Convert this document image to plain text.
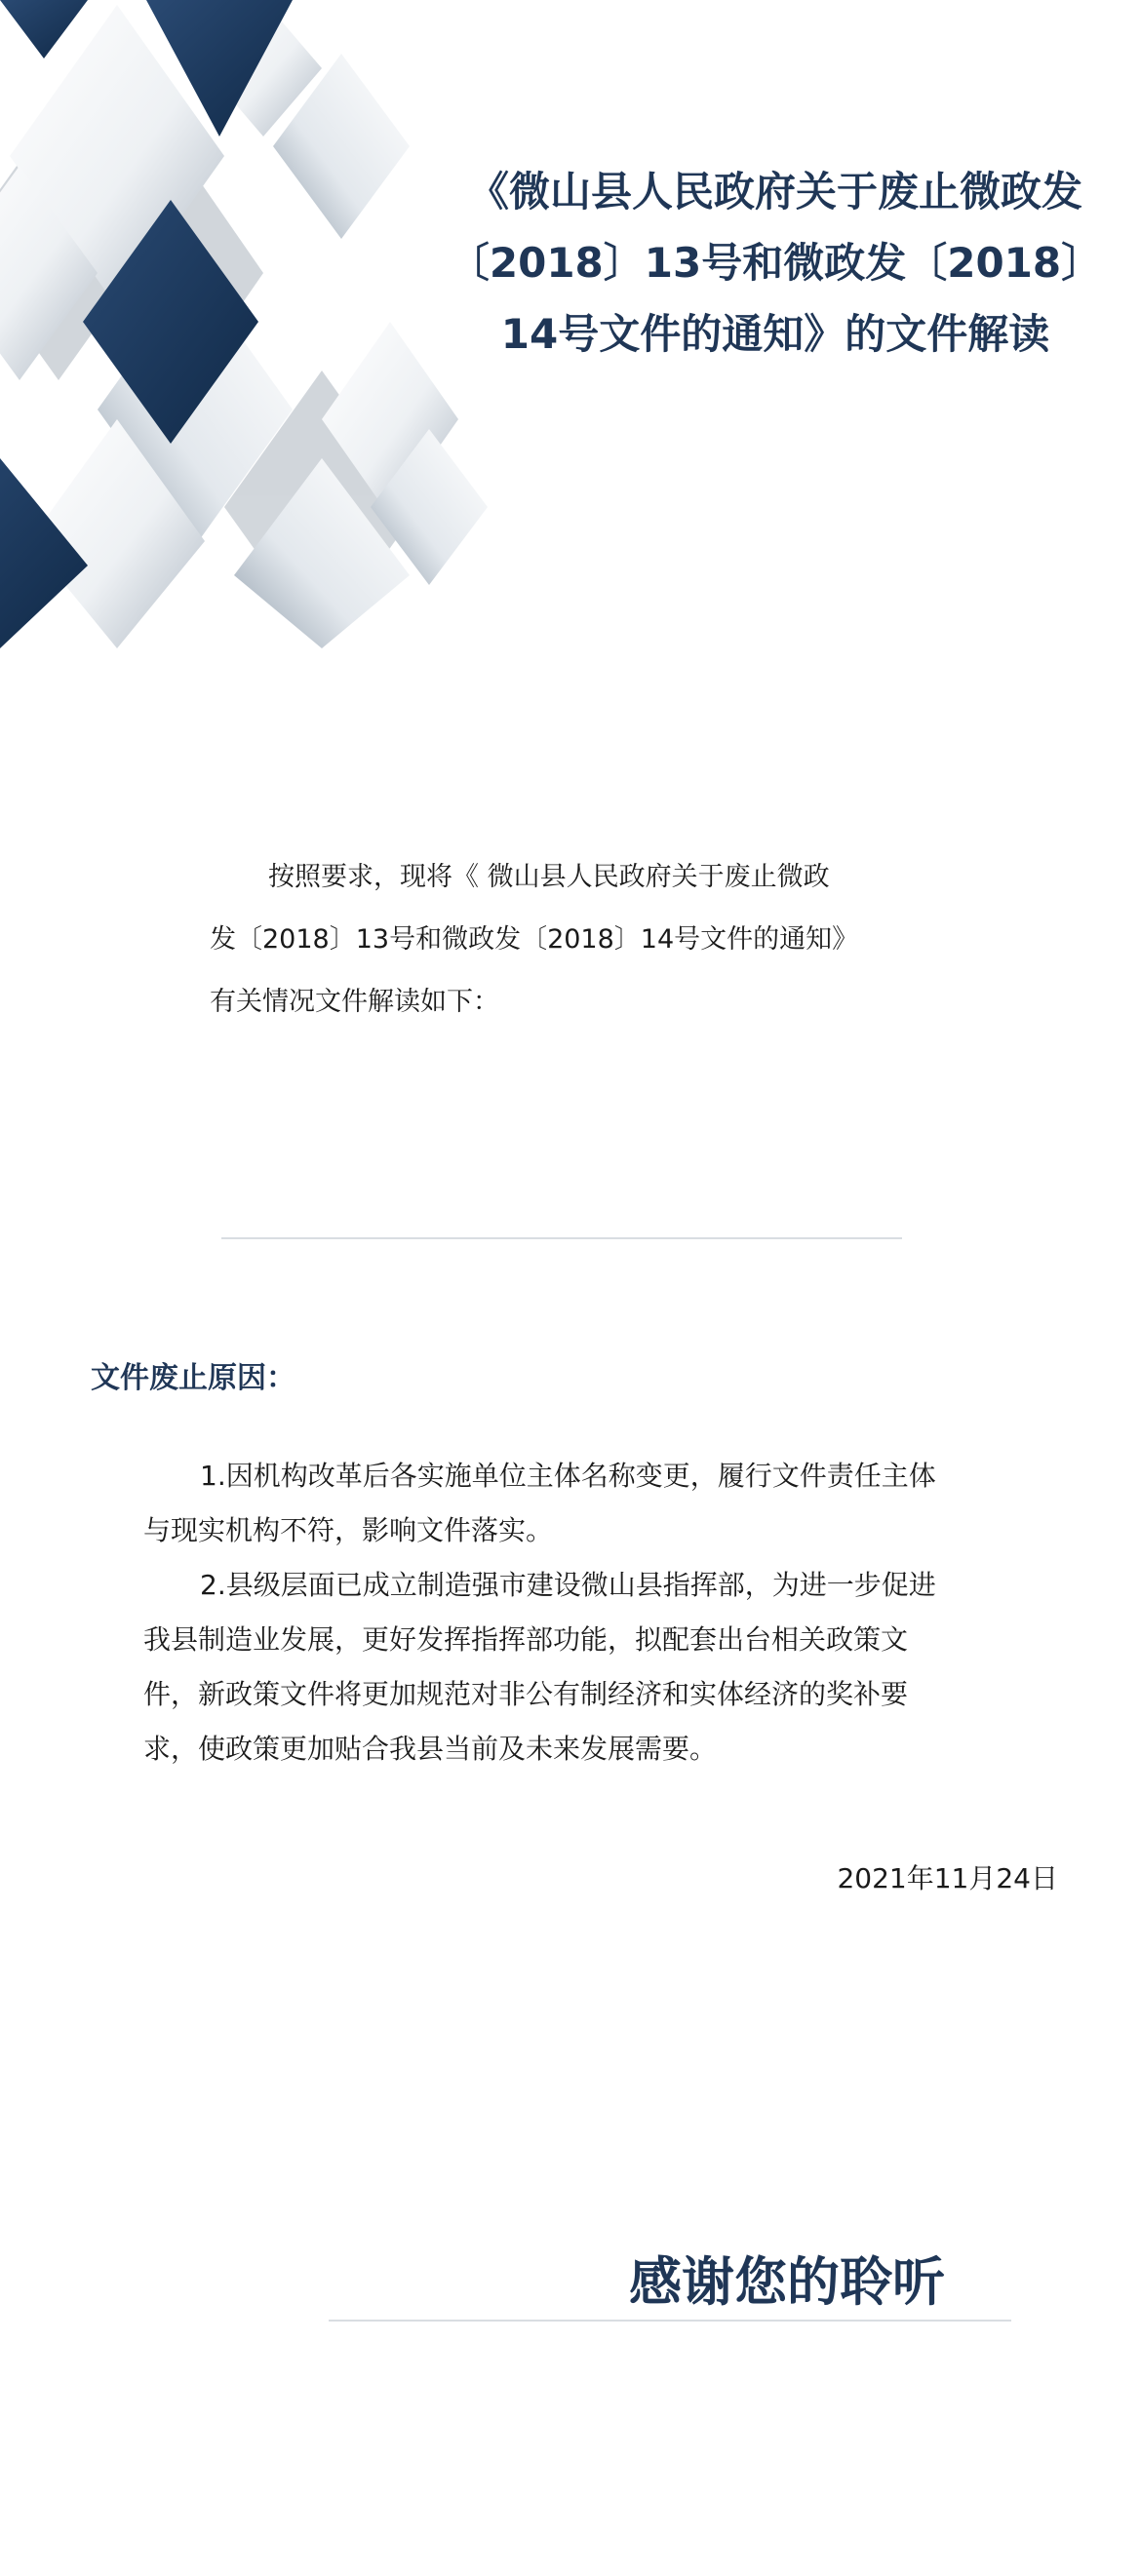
《微山县人民政府关于废止微政发
〔2018〕13号和微政发〔2018〕
14号文件的通知》的文件解读

按照要求，现将《 微山县人民政府关于废止微政
发〔2018〕13号和微政发〔2018〕14号文件的通知》
有关情况文件解读如下：

文件废止原因：
1.因机构改革后各实施单位主体名称变更，履行文件责任主体
与现实机构不符，影响文件落实。
2.县级层面已成立制造强市建设微山县指挥部，为进一步促进
我县制造业发展，更好发挥指挥部功能，拟配套出台相关政策文
件，新政策文件将更加规范对非公有制经济和实体经济的奖补要
求，使政策更加贴合我县当前及未来发展需要。
2021年11月24日
感谢您的聆听
